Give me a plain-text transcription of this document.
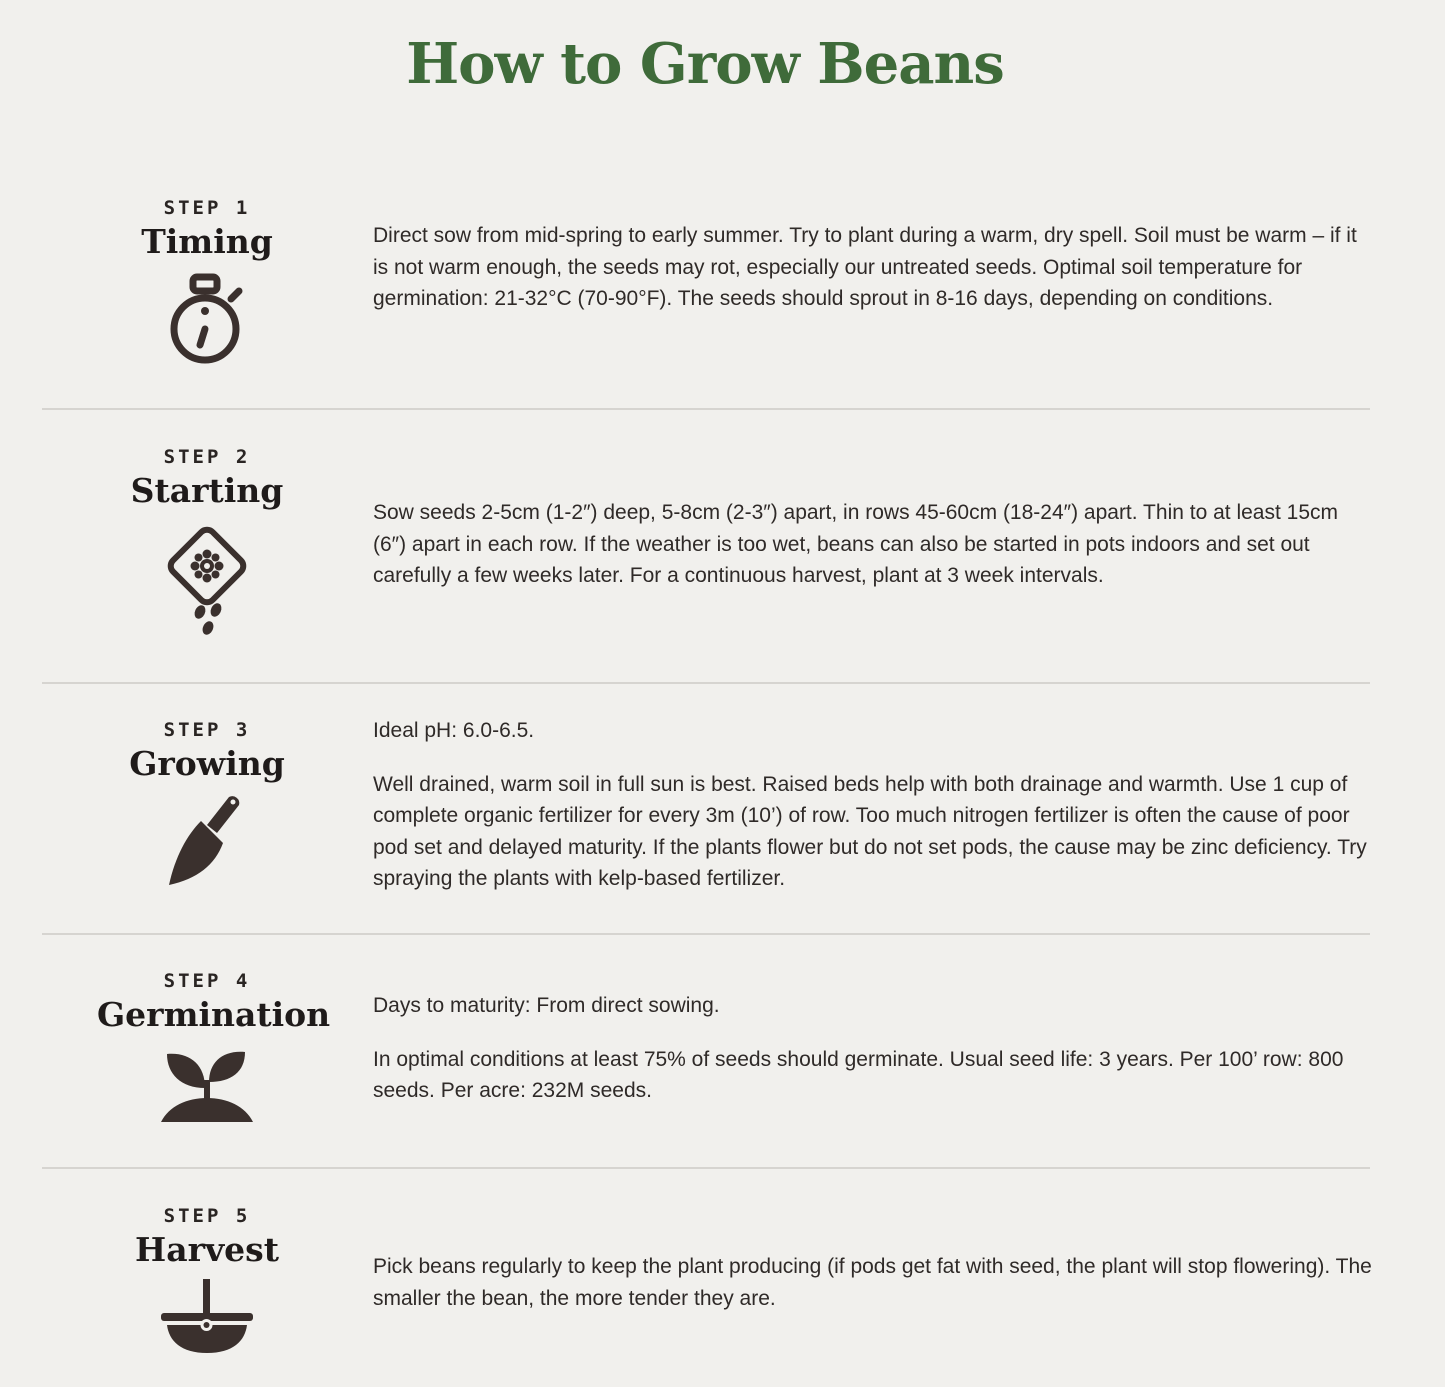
How to Grow Beans
STEP 1
Timing	Direct sow from mid-spring to early summer. Try to plant during a warm, dry spell. Soil must be warm – if it is not warm enough, the seeds may rot, especially our untreated seeds. Optimal soil temperature for germination: 21-32°C (70-90°F). The seeds should sprout in 8-16 days, depending on conditions.

STEP 2
Starting

Sow seeds 2-5cm (1-2″) deep, 5-8cm (2-3″) apart, in rows 45-60cm (18-24″) apart. Thin to at least 15cm (6″) apart in each row. If the weather is too wet, beans can also be started in pots indoors and set out carefully a few weeks later. For a continuous harvest, plant at 3 week intervals.

STEP 3
Growing

Ideal pH: 6.0-6.5.

Well drained, warm soil in full sun is best. Raised beds help with both drainage and warmth. Use 1 cup of complete organic fertilizer for every 3m (10’) of row. Too much nitrogen fertilizer is often the cause of poor pod set and delayed maturity. If the plants flower but do not set pods, the cause may be zinc deficiency. Try spraying the plants with kelp-based fertilizer.

STEP 4
Germination Days to maturity: From direct sowing.

In optimal conditions at least 75% of seeds should germinate. Usual seed life: 3 years. Per 100’ row: 800 seeds. Per acre: 232M seeds.

STEP 5
Harvest	Pick beans regularly to keep the plant producing (if pods get fat with seed, the plant will stop flowering). The smaller the bean, the more tender they are.
